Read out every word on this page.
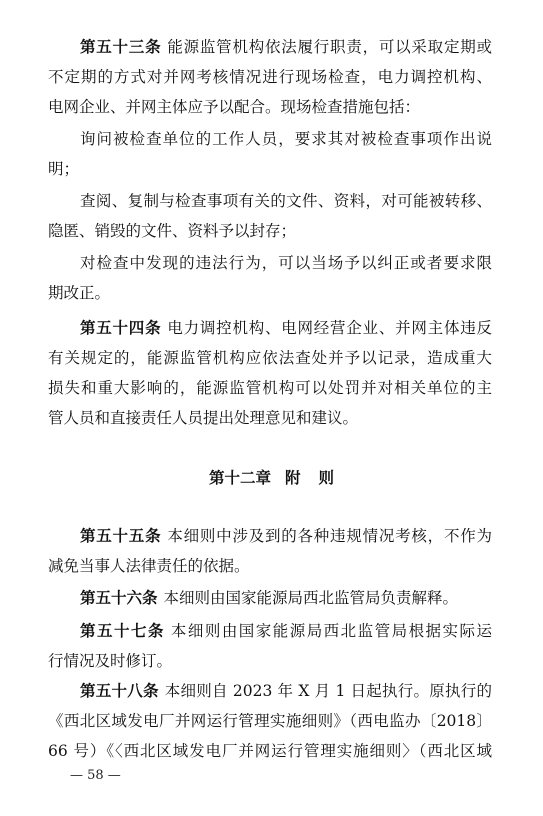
第五十三条 能源监管机构依法履行职责，可以采取定期或
不定期的方式对并网考核情况进行现场检查，电力调控机构、
电网企业、并网主体应予以配合。现场检查措施包括：
询问被检查单位的工作人员，要求其对被检查事项作出说
明；
查阅、复制与检查事项有关的文件、资料，对可能被转移、
隐匿、销毁的文件、资料予以封存；
对检查中发现的违法行为，可以当场予以纠正或者要求限
期改正。
第五十四条 电力调控机构、电网经营企业、并网主体违反
有关规定的，能源监管机构应依法查处并予以记录，造成重大
损失和重大影响的，能源监管机构可以处罚并对相关单位的主
管人员和直接责任人员提出处理意见和建议。
第十二章 附 则
第五十五条 本细则中涉及到的各种违规情况考核，不作为
减免当事人法律责任的依据。
第五十六条 本细则由国家能源局西北监管局负责解释。
第五十七条 本细则由国家能源局西北监管局根据实际运
行情况及时修订。
第五十八条 本细则自 2023 年 X 月 1 日起执行。原执行的
《西北区域发电厂并网运行管理实施细则》（西电监办〔2018〕
66 号）《〈西北区域发电厂并网运行管理实施细则〉（西北区域
— 58 —
